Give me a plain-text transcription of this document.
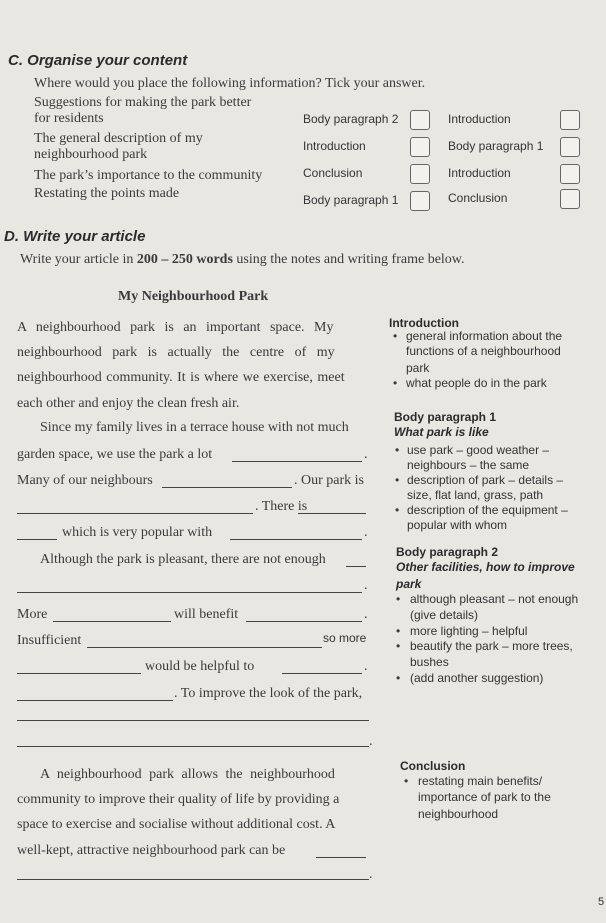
C. Organise your content
Where would you place the following information? Tick your answer.
Suggestions for making the park better
for residents	Body paragraph 2	Introduction
The general description of my
neighbourhood park
Introduction	Body paragraph 1
The park’s importance to the community	Conclusion	Introduction
Restating the points made	Body paragraph 1	Conclusion
D. Write your article
Write your article in 200 – 250 words using the notes and writing frame below.
My Neighbourhood Park
A neighbourhood park is an important space. My
neighbourhood park is actually the centre of my
neighbourhood community. It is where we exercise, meet
each other and enjoy the clean fresh air.
Since my family lives in a terrace house with not much
garden space, we use the park a lot	.
Many of our neighbours	. Our park is
. There is
which is very popular with	.
Although the park is pleasant, there are not enough
.
More	will benefit	.
Insufficient	so more
would be helpful to	.
. To improve the look of the park,
.
A neighbourhood park allows the neighbourhood
community to improve their quality of life by providing a
space to exercise and socialise without additional cost. A
well-kept, attractive neighbourhood park can be
.
Introduction
• general information about the
functions of a neighbourhood
park
• what people do in the park
Body paragraph 1
What park is like
• use park – good weather –
neighbours – the same
• description of park – details –
size, flat land, grass, path
• description of the equipment –
popular with whom
Body paragraph 2
Other facilities, how to improve
park
• although pleasant – not enough
(give details)
• more lighting – helpful
• beautify the park – more trees,
bushes
• (add another suggestion)
Conclusion
• restating main benefits/
importance of park to the
neighbourhood
5
